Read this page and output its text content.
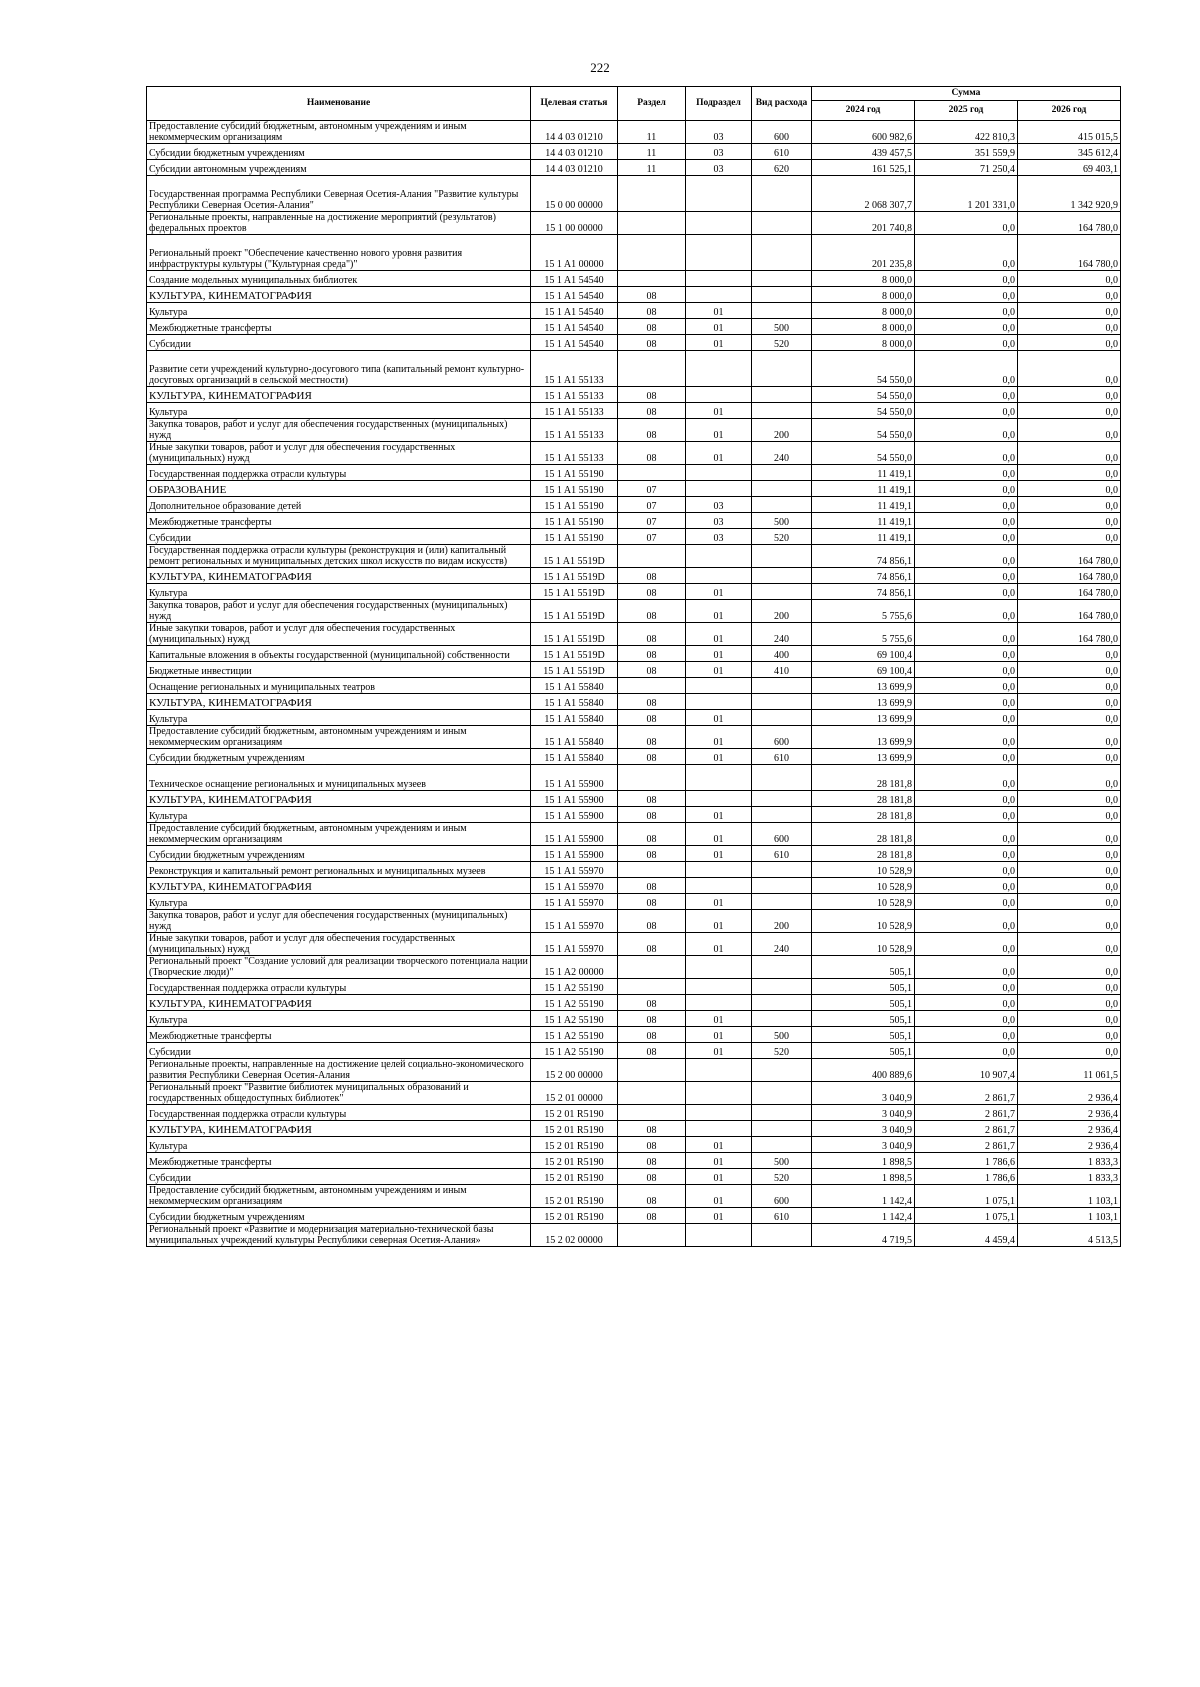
222
Наименование	Целевая статья	Раздел	Подраздел	Вид расхода	Сумма		
					2024 год	2025 год	2026 год
Предоставление субсидий бюджетным, автономным учреждениям и иным некоммерческим организациям	14 4 03 01210	11	03	600	600 982,6	422 810,3	415 015,5
Субсидии бюджетным учреждениям	14 4 03 01210	11	03	610	439 457,5	351 559,9	345 612,4
Субсидии автономным учреждениям	14 4 03 01210	11	03	620	161 525,1	71 250,4	69 403,1
Государственная программа Республики Северная Осетия-Алания "Развитие культуры Республики Северная Осетия-Алания"	15 0 00 00000				2 068 307,7	1 201 331,0	1 342 920,9
Региональные проекты, направленные на достижение мероприятий (результатов) федеральных проектов	15 1 00 00000				201 740,8	0,0	164 780,0
Региональный проект "Обеспечение качественно нового уровня развития инфраструктуры культуры ("Культурная среда")"	15 1 A1 00000				201 235,8	0,0	164 780,0
Создание модельных муниципальных библиотек	15 1 A1 54540				8 000,0	0,0	0,0
КУЛЬТУРА, КИНЕМАТОГРАФИЯ	15 1 A1 54540	08			8 000,0	0,0	0,0
Культура	15 1 A1 54540	08	01		8 000,0	0,0	0,0
Межбюджетные трансферты	15 1 A1 54540	08	01	500	8 000,0	0,0	0,0
Субсидии	15 1 A1 54540	08	01	520	8 000,0	0,0	0,0
Развитие сети учреждений культурно-досугового типа (капитальный ремонт культурно-досуговых организаций в сельской местности)	15 1 A1 55133				54 550,0	0,0	0,0
КУЛЬТУРА, КИНЕМАТОГРАФИЯ	15 1 A1 55133	08			54 550,0	0,0	0,0
Культура	15 1 A1 55133	08	01		54 550,0	0,0	0,0
Закупка товаров, работ и услуг для обеспечения государственных (муниципальных) нужд	15 1 A1 55133	08	01	200	54 550,0	0,0	0,0
Иные закупки товаров, работ и услуг для обеспечения государственных (муниципальных) нужд	15 1 A1 55133	08	01	240	54 550,0	0,0	0,0
Государственная поддержка отрасли культуры	15 1 A1 55190				11 419,1	0,0	0,0
ОБРАЗОВАНИЕ	15 1 A1 55190	07			11 419,1	0,0	0,0
Дополнительное образование детей	15 1 A1 55190	07	03		11 419,1	0,0	0,0
Межбюджетные трансферты	15 1 A1 55190	07	03	500	11 419,1	0,0	0,0
Субсидии	15 1 A1 55190	07	03	520	11 419,1	0,0	0,0
Государственная поддержка отрасли культуры (реконструкция и (или) капитальный ремонт региональных и муниципальных детских школ искусств по видам искусств)	15 1 A1 5519D				74 856,1	0,0	164 780,0
КУЛЬТУРА, КИНЕМАТОГРАФИЯ	15 1 A1 5519D	08			74 856,1	0,0	164 780,0
Культура	15 1 A1 5519D	08	01		74 856,1	0,0	164 780,0
Закупка товаров, работ и услуг для обеспечения государственных (муниципальных) нужд	15 1 A1 5519D	08	01	200	5 755,6	0,0	164 780,0
Иные закупки товаров, работ и услуг для обеспечения государственных (муниципальных) нужд	15 1 A1 5519D	08	01	240	5 755,6	0,0	164 780,0
Капитальные вложения в объекты государственной (муниципальной) собственности	15 1 A1 5519D	08	01	400	69 100,4	0,0	0,0
Бюджетные инвестиции	15 1 A1 5519D	08	01	410	69 100,4	0,0	0,0
Оснащение региональных и муниципальных театров	15 1 A1 55840				13 699,9	0,0	0,0
КУЛЬТУРА, КИНЕМАТОГРАФИЯ	15 1 A1 55840	08			13 699,9	0,0	0,0
Культура	15 1 A1 55840	08	01		13 699,9	0,0	0,0
Предоставление субсидий бюджетным, автономным учреждениям и иным некоммерческим организациям	15 1 A1 55840	08	01	600	13 699,9	0,0	0,0
Субсидии бюджетным учреждениям	15 1 A1 55840	08	01	610	13 699,9	0,0	0,0
Техническое оснащение региональных и муниципальных музеев	15 1 A1 55900				28 181,8	0,0	0,0
КУЛЬТУРА, КИНЕМАТОГРАФИЯ	15 1 A1 55900	08			28 181,8	0,0	0,0
Культура	15 1 A1 55900	08	01		28 181,8	0,0	0,0
Предоставление субсидий бюджетным, автономным учреждениям и иным некоммерческим организациям	15 1 A1 55900	08	01	600	28 181,8	0,0	0,0
Субсидии бюджетным учреждениям	15 1 A1 55900	08	01	610	28 181,8	0,0	0,0
Реконструкция и капитальный ремонт региональных и муниципальных музеев	15 1 A1 55970				10 528,9	0,0	0,0
КУЛЬТУРА, КИНЕМАТОГРАФИЯ	15 1 A1 55970	08			10 528,9	0,0	0,0
Культура	15 1 A1 55970	08	01		10 528,9	0,0	0,0
Закупка товаров, работ и услуг для обеспечения государственных (муниципальных) нужд	15 1 A1 55970	08	01	200	10 528,9	0,0	0,0
Иные закупки товаров, работ и услуг для обеспечения государственных (муниципальных) нужд	15 1 A1 55970	08	01	240	10 528,9	0,0	0,0
Региональный проект "Создание условий для реализации творческого потенциала нации (Творческие люди)"	15 1 A2 00000				505,1	0,0	0,0
Государственная поддержка отрасли культуры	15 1 A2 55190				505,1	0,0	0,0
КУЛЬТУРА, КИНЕМАТОГРАФИЯ	15 1 A2 55190	08			505,1	0,0	0,0
Культура	15 1 A2 55190	08	01		505,1	0,0	0,0
Межбюджетные трансферты	15 1 A2 55190	08	01	500	505,1	0,0	0,0
Субсидии	15 1 A2 55190	08	01	520	505,1	0,0	0,0
Региональные проекты, направленные на достижение целей социально-экономического развития Республики Северная Осетия-Алания	15 2 00 00000				400 889,6	10 907,4	11 061,5
Региональный проект "Развитие библиотек муниципальных образований и государственных общедоступных библиотек"	15 2 01 00000				3 040,9	2 861,7	2 936,4
Государственная поддержка отрасли культуры	15 2 01 R5190				3 040,9	2 861,7	2 936,4
КУЛЬТУРА, КИНЕМАТОГРАФИЯ	15 2 01 R5190	08			3 040,9	2 861,7	2 936,4
Культура	15 2 01 R5190	08	01		3 040,9	2 861,7	2 936,4
Межбюджетные трансферты	15 2 01 R5190	08	01	500	1 898,5	1 786,6	1 833,3
Субсидии	15 2 01 R5190	08	01	520	1 898,5	1 786,6	1 833,3
Предоставление субсидий бюджетным, автономным учреждениям и иным некоммерческим организациям	15 2 01 R5190	08	01	600	1 142,4	1 075,1	1 103,1
Субсидии бюджетным учреждениям	15 2 01 R5190	08	01	610	1 142,4	1 075,1	1 103,1
Региональный проект «Развитие и модернизация материально-технической базы муниципальных учреждений культуры Республики северная Осетия-Алания»	15 2 02 00000				4 719,5	4 459,4	4 513,5
